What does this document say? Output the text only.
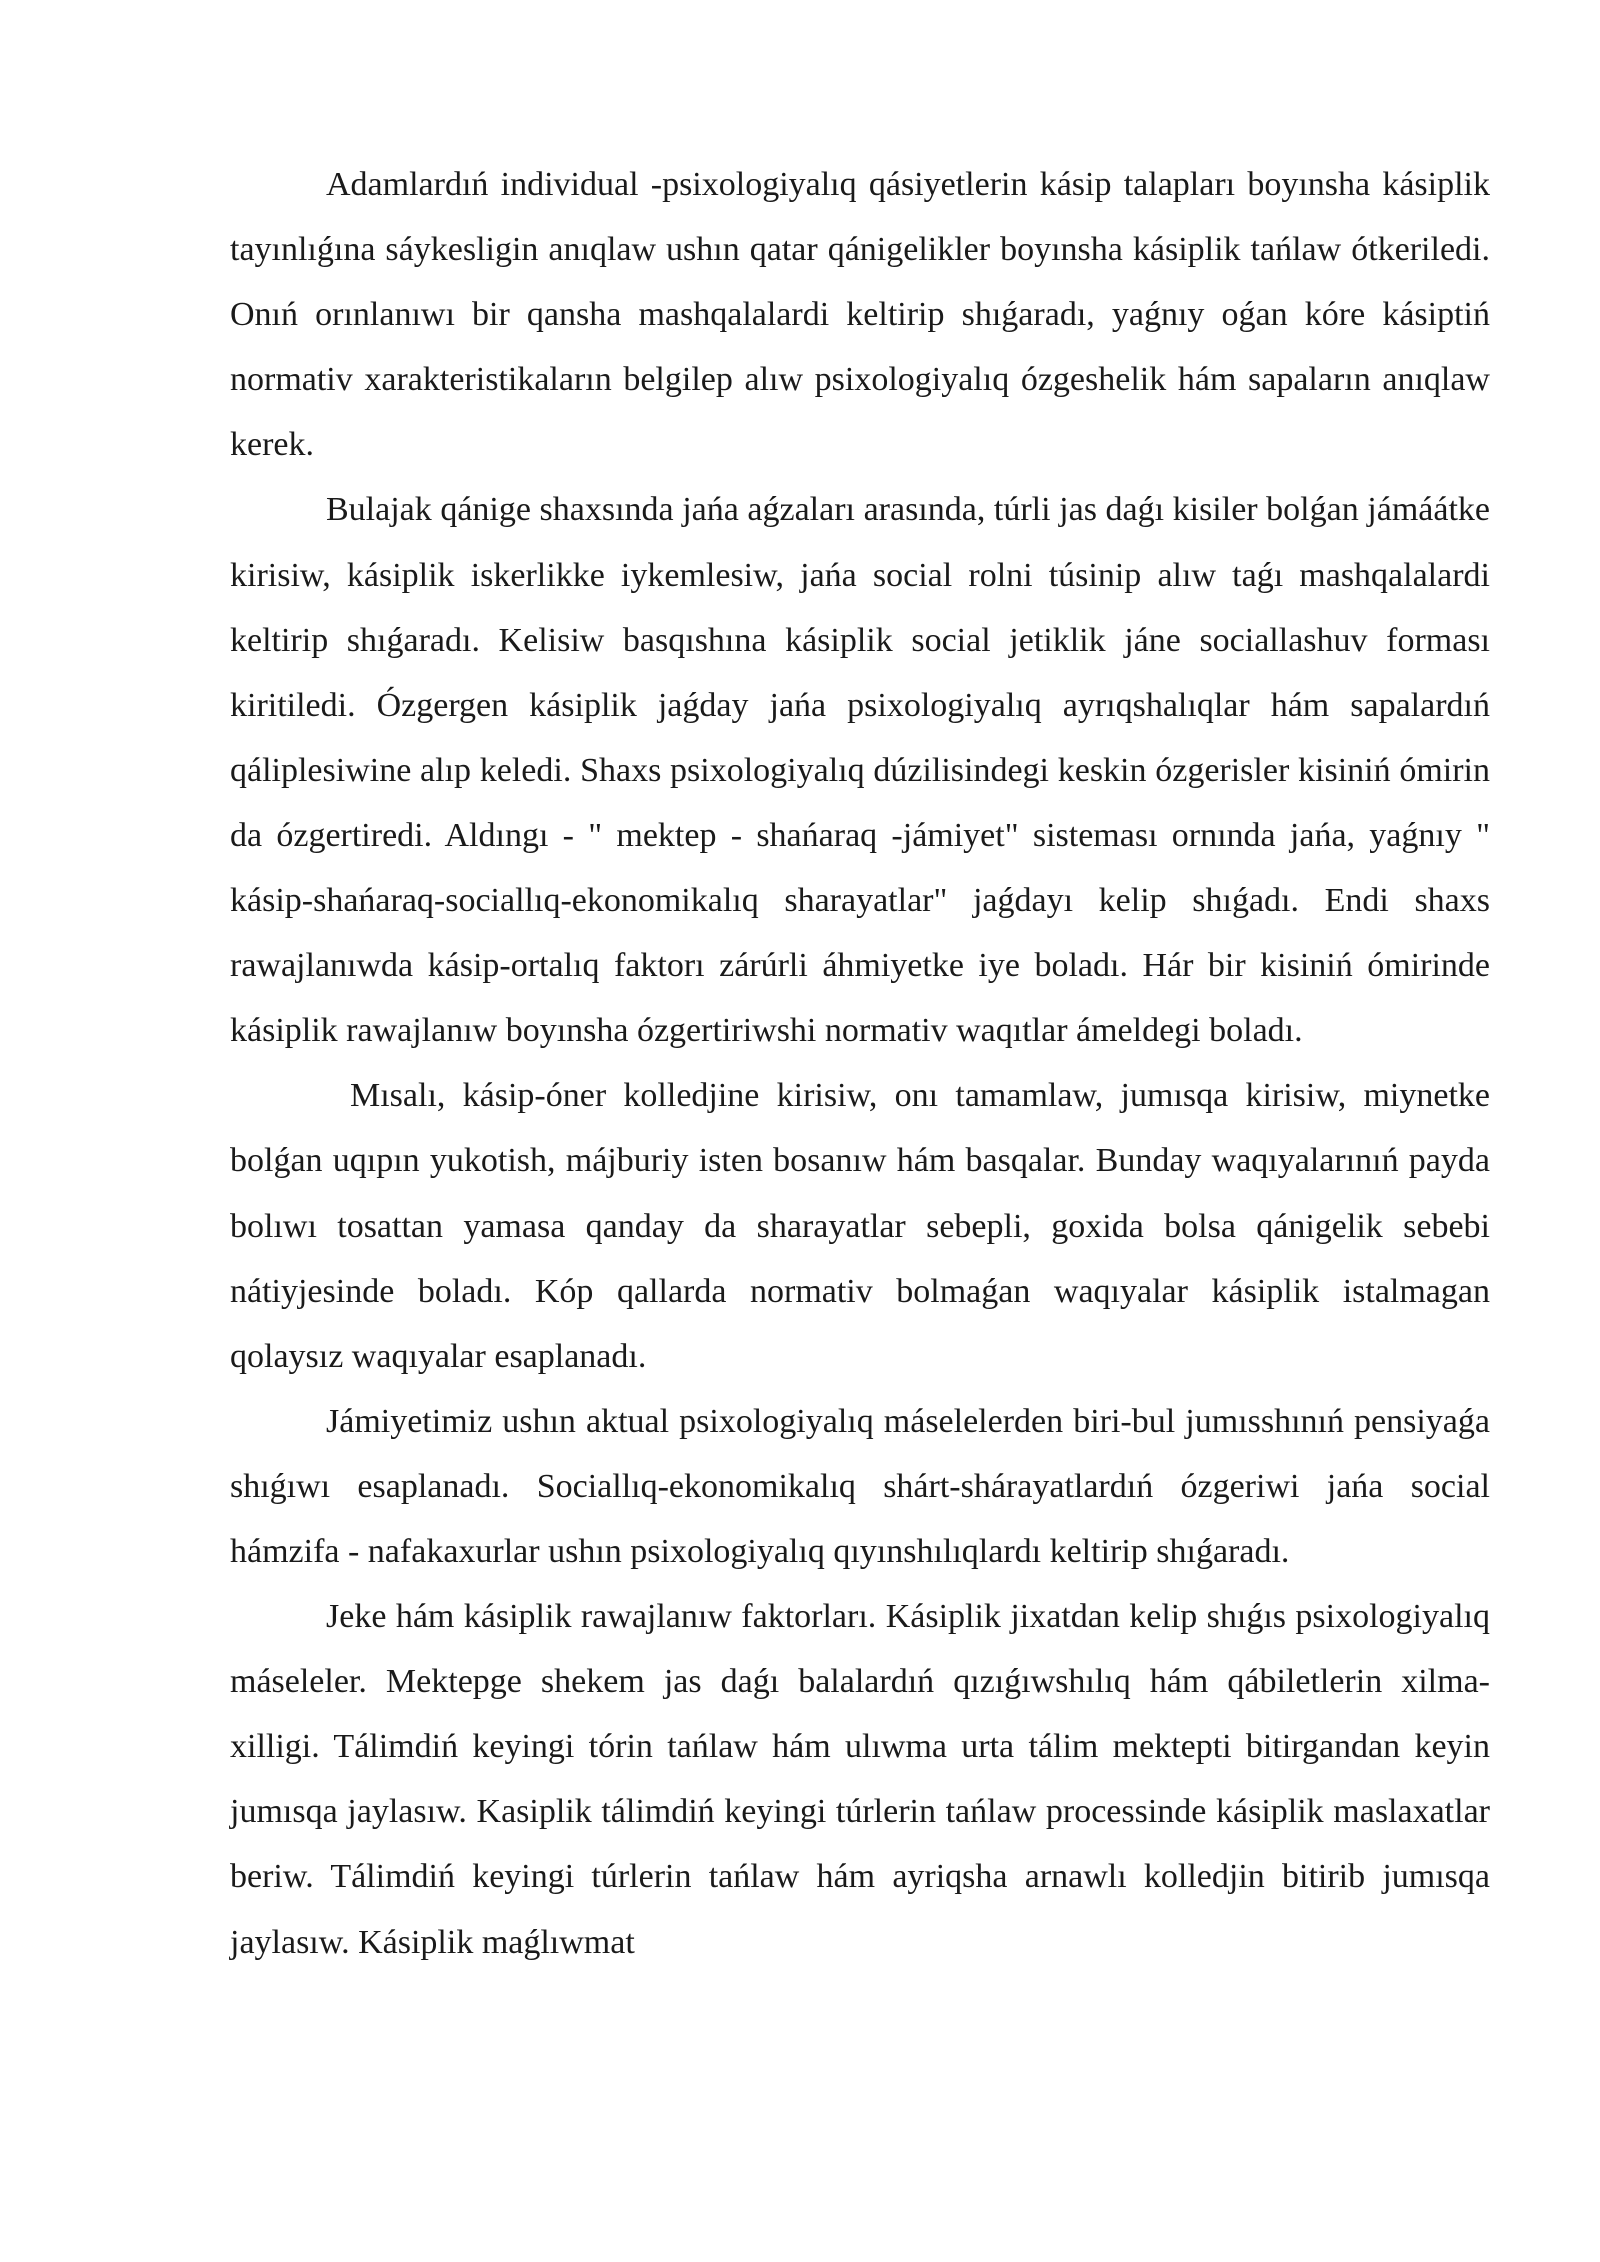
Adamlardıń individual -psixologiyalıq qásiyetlerin kásip talapları boyınsha kásiplik tayınlıǵına sáykesligin anıqlaw ushın qatar qánigelikler boyınsha kásiplik tańlaw ótkeriledi. Onıń orınlanıwı bir qansha mashqalalardi keltirip shıǵaradı, yaǵnıy oǵan kóre kásiptiń normativ xarakteristikaların belgilep alıw psixologiyalıq ózgeshelik hám sapaların anıqlaw kerek.

Bulajak qánige shaxsında jańa aǵzaları arasında, túrli jas daǵı kisiler bolǵan jámáátke kirisiw, kásiplik iskerlikke iykemlesiw, jańa social rolni túsinip alıw taǵı mashqalalardi keltirip shıǵaradı. Kelisiw basqıshına kásiplik social jetiklik jáne sociallashuv forması kiritiledi. Ózgergen kásiplik jaǵday jańa psixologiyalıq ayrıqshalıqlar hám sapalardıń qáliplesiwine alıp keledi. Shaxs psixologiyalıq dúzilisindegi keskin ózgerisler kisiniń ómirin da ózgertiredi. Aldıngı - " mektep - shańaraq -jámiyet" sisteması ornında jańa, yaǵnıy " kásip-shańaraq-sociallıq-ekonomikalıq sharayatlar" jaǵdayı kelip shıǵadı. Endi shaxs rawajlanıwda kásip-ortalıq faktorı zárúrli áhmiyetke iye boladı. Hár bir kisiniń ómirinde kásiplik rawajlanıw boyınsha ózgertiriwshi normativ waqıtlar ámeldegi boladı.

Mısalı, kásip-óner kolledjine kirisiw, onı tamamlaw, jumısqa kirisiw, miynetke bolǵan uqıpın yukotish, májburiy isten bosanıw hám basqalar. Bunday waqıyalarınıń payda bolıwı tosattan yamasa qanday da sharayatlar sebepli, goxida bolsa qánigelik sebebi nátiyjesinde boladı. Kóp qallarda normativ bolmaǵan waqıyalar kásiplik istalmagan qolaysız waqıyalar esaplanadı.

Jámiyetimiz ushın aktual psixologiyalıq máselelerden biri-bul jumısshınıń pensiyaǵa shıǵıwı esaplanadı. Sociallıq-ekonomikalıq shárt-shárayatlardıń ózgeriwi jańa social hámzifa - nafakaxurlar ushın psixologiyalıq qıyınshılıqlardı keltirip shıǵaradı.

Jeke hám kásiplik rawajlanıw faktorları. Kásiplik jixatdan kelip shıǵıs psixologiyalıq máseleler. Mektepge shekem jas daǵı balalardıń qızıǵıwshılıq hám qábiletlerin xilma- xilligi. Tálimdiń keyingi tórin tańlaw hám ulıwma urta tálim mektepti bitirgandan keyin jumısqa jaylasıw. Kasiplik tálimdiń keyingi túrlerin tańlaw processinde kásiplik maslaxatlar beriw. Tálimdiń keyingi túrlerin tańlaw hám ayriqsha arnawlı kolledjin bitirib jumısqa jaylasıw. Kásiplik maǵlıwmat
